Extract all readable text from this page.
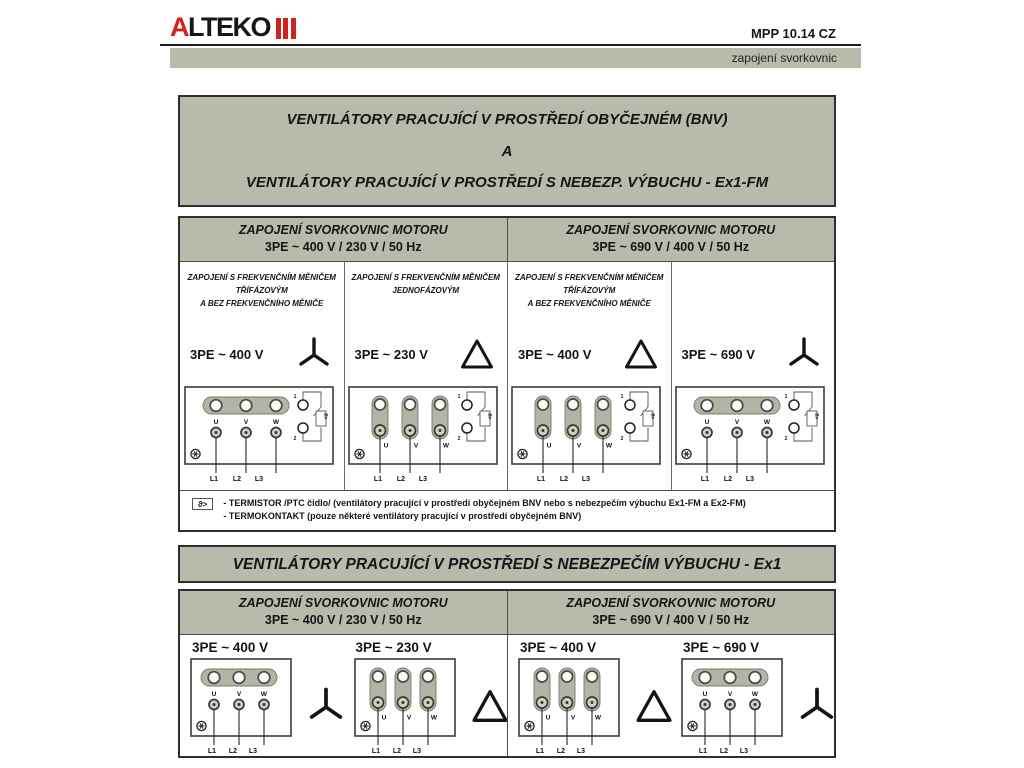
ALTEKO	MPP 10.14 CZ
zapojení svorkovnic
VENTILÁTORY PRACUJÍCÍ V PROSTŘEDÍ OBYČEJNÉM (BNV)
A
VENTILÁTORY PRACUJÍCÍ V PROSTŘEDÍ S NEBEZP. VÝBUCHU - Ex1-FM
ZAPOJENÍ SVORKOVNIC MOTORU
3PE ~ 400 V / 230 V / 50 Hz
ZAPOJENÍ SVORKOVNIC MOTORU
3PE ~ 690 V / 400 V / 50 Hz
ZAPOJENÍ S FREKVENČNÍM MĚNIČEM
TŘÍFÁZOVÝM
A BEZ FREKVENČNÍHO MĚNIČE
3PE ~ 400 V
U	V	W
1
2
ϑ>
L1 L2 L3
ZAPOJENÍ S FREKVENČNÍM MĚNIČEM
JEDNOFÁZOVÝM
3PE ~ 230 V
U	V	W
1
2
ϑ>
L1 L2 L3
ZAPOJENÍ S FREKVENČNÍM MĚNIČEM
TŘÍFÁZOVÝM
A BEZ FREKVENČNÍHO MĚNIČE
3PE ~ 400 V
U	V	W
1
2
ϑ>
L1 L2 L3
3PE ~ 690 V
U	V	W
1
2
ϑ>
L1 L2 L3
ϑ>	- TERMISTOR /PTC čidlo/ (ventilátory pracující v prostředí obyčejném BNV nebo s nebezpečím výbuchu Ex1-FM a Ex2-FM)
- TERMOKONTAKT (pouze některé ventilátory pracující v prostředí obyčejném BNV)
VENTILÁTORY PRACUJÍCÍ V PROSTŘEDÍ S NEBEZPEČÍM VÝBUCHU - Ex1
ZAPOJENÍ SVORKOVNIC MOTORU
3PE ~ 400 V / 230 V / 50 Hz
ZAPOJENÍ SVORKOVNIC MOTORU
3PE ~ 690 V / 400 V / 50 Hz
3PE ~ 400 V
U	V	W
L1 L2 L3
3PE ~ 230 V
U	V	W
L1 L2 L3
3PE ~ 400 V
U	V	W
L1 L2 L3
3PE ~ 690 V
U	V	W
L1 L2 L3
